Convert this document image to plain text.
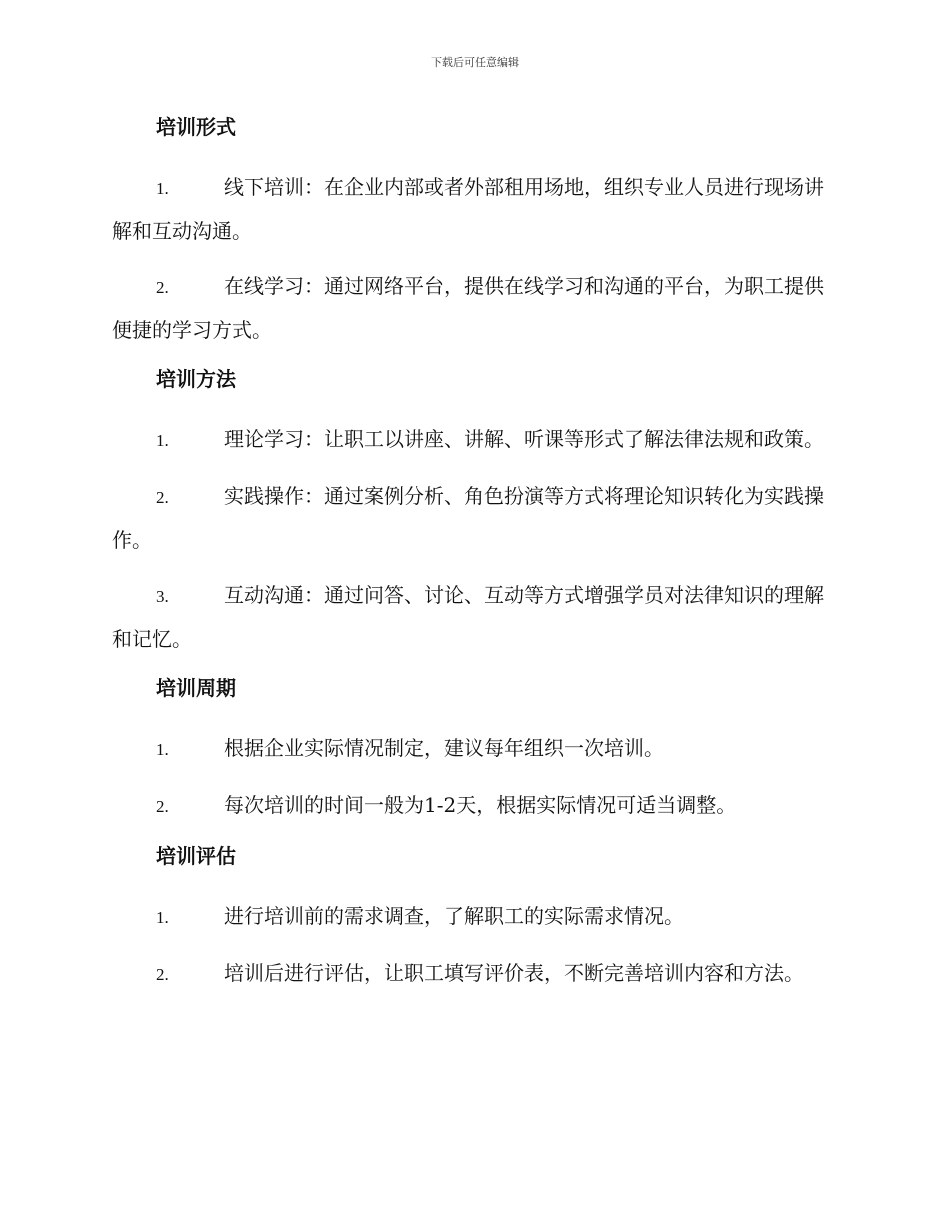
下载后可任意编辑
培训形式

1.	线下培训：在企业内部或者外部租用场地，组织专业人员进行现场讲解和互动沟通。

2.	在线学习：通过网络平台，提供在线学习和沟通的平台，为职工提供便捷的学习方式。

培训方法

1.	理论学习：让职工以讲座、讲解、听课等形式了解法律法规和政策。

2.	实践操作：通过案例分析、角色扮演等方式将理论知识转化为实践操作。

3.	互动沟通：通过问答、讨论、互动等方式增强学员对法律知识的理解和记忆。

培训周期

1.	根据企业实际情况制定，建议每年组织一次培训。

2.	每次培训的时间一般为1-2天，根据实际情况可适当调整。

培训评估

1.	进行培训前的需求调查，了解职工的实际需求情况。

2.	培训后进行评估，让职工填写评价表，不断完善培训内容和方法。
